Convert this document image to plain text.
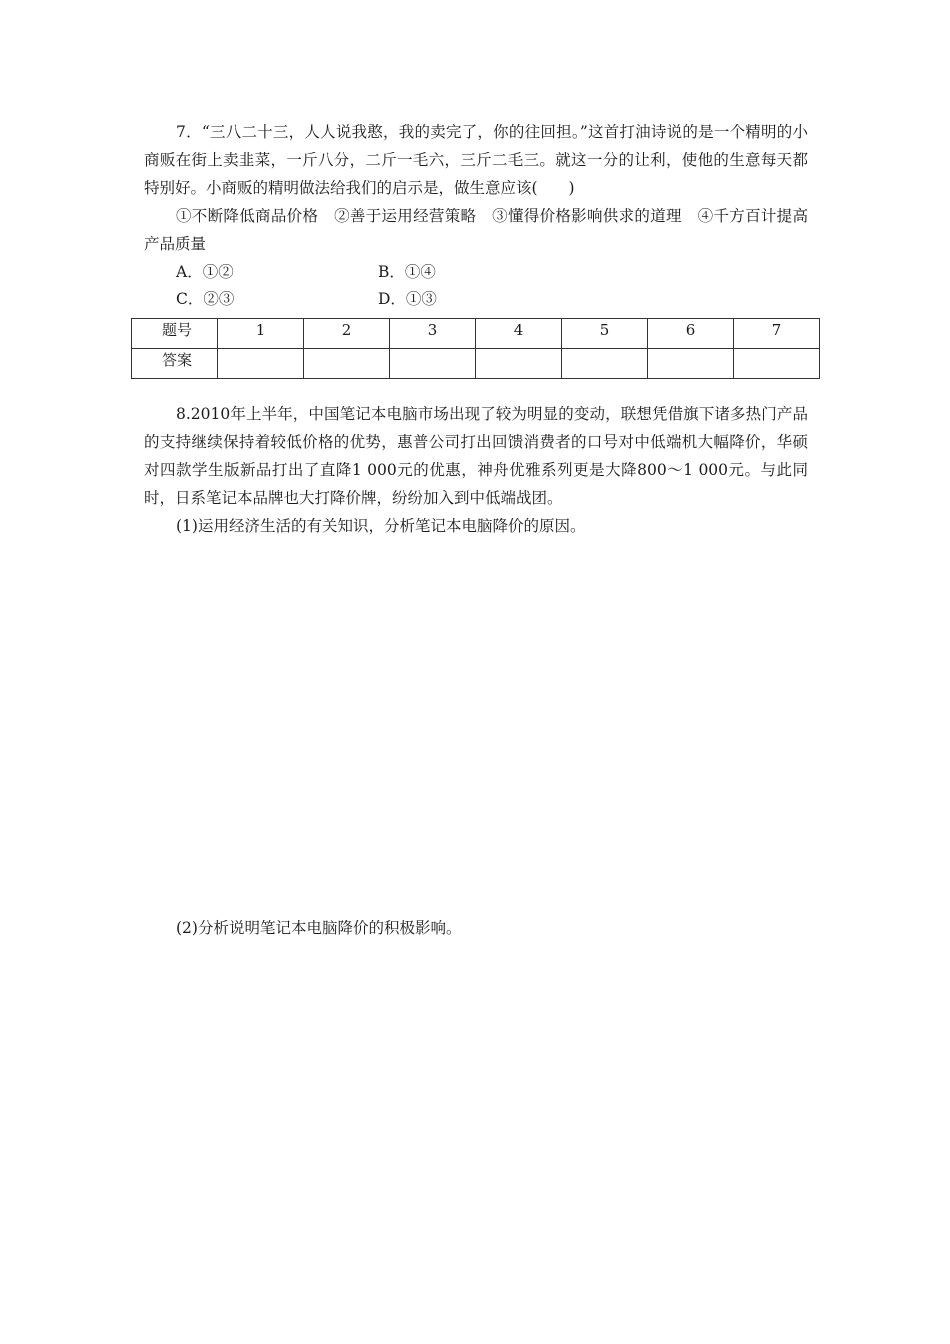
7．“三八二十三，人人说我憨，我的卖完了，你的往回担。”这首打油诗说的是一个精明的小商贩在街上卖韭菜，一斤八分，二斤一毛六，三斤二毛三。就这一分的让利，使他的生意每天都特别好。小商贩的精明做法给我们的启示是，做生意应该(　　)

①不断降低商品价格　②善于运用经营策略　③懂得价格影响供求的道理　④千方百计提高产品质量

A．①②	B．①④
C．②③	D．①③
题号	1	2	3	4	5	6	7
答案							

8.2010年上半年，中国笔记本电脑市场出现了较为明显的变动，联想凭借旗下诸多热门产品的支持继续保持着较低价格的优势，惠普公司打出回馈消费者的口号对中低端机大幅降价，华硕对四款学生版新品打出了直降1 000元的优惠，神舟优雅系列更是大降800～1 000元。与此同时，日系笔记本品牌也大打降价牌，纷纷加入到中低端战团。

(1)运用经济生活的有关知识，分析笔记本电脑降价的原因。

(2)分析说明笔记本电脑降价的积极影响。
